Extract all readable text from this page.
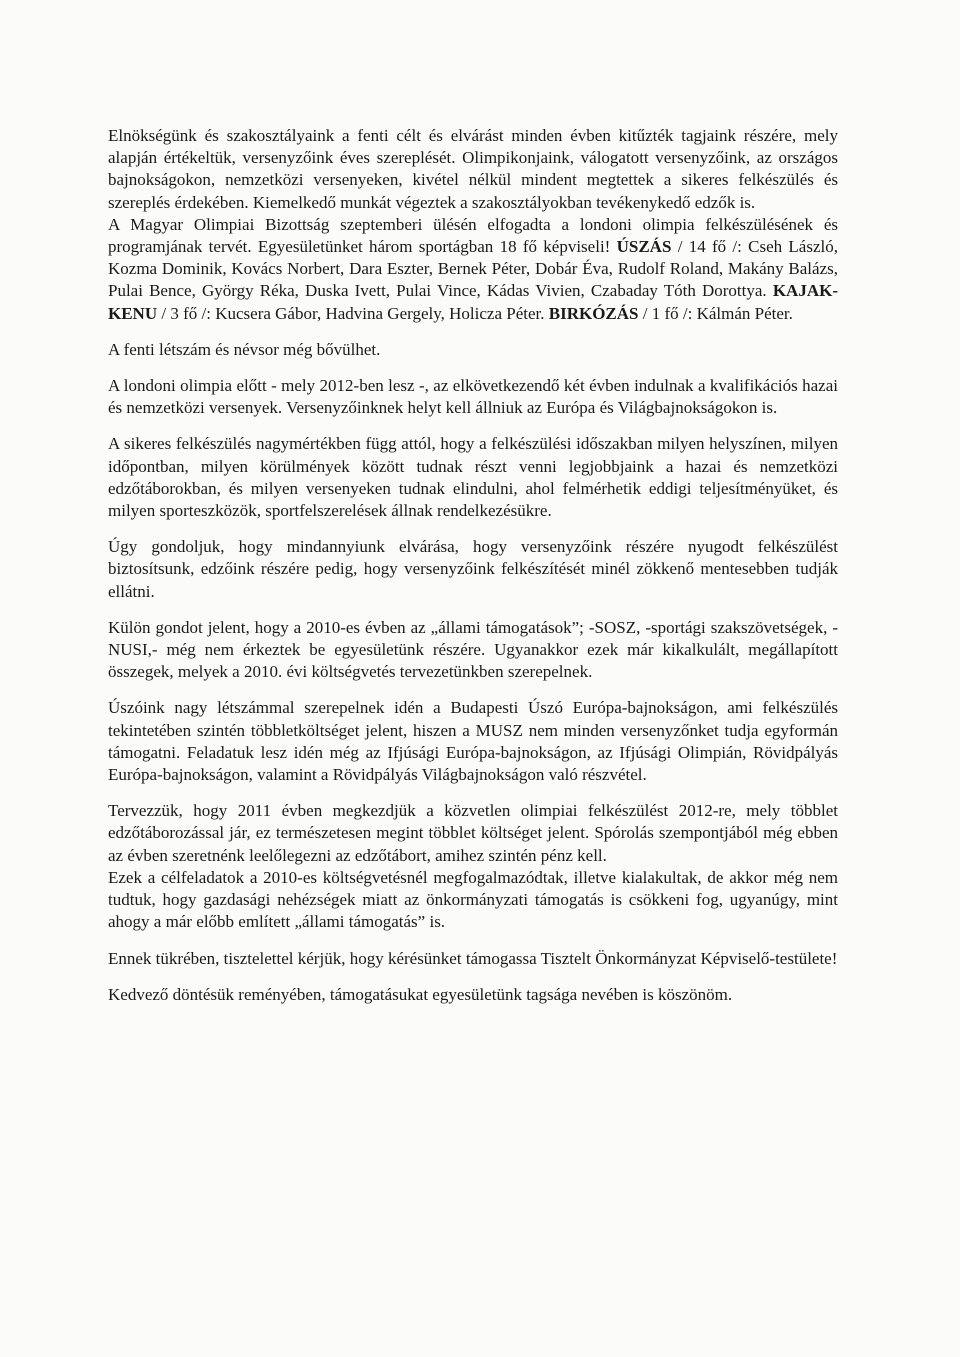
Elnökségünk és szakosztályaink a fenti célt és elvárást minden évben kitűzték tagjaink részére, mely alapján értékeltük, versenyzőink éves szereplését. Olimpikonjaink, válogatott versenyzőink, az országos bajnokságokon, nemzetközi versenyeken, kivétel nélkül mindent megtettek a sikeres felkészülés és szereplés érdekében. Kiemelkedő munkát végeztek a szakosztályokban tevékenykedő edzők is.

A Magyar Olimpiai Bizottság szeptemberi ülésén elfogadta a londoni olimpia felkészülésének és programjának tervét. Egyesületünket három sportágban 18 fő képviseli! ÚSZÁS / 14 fő /: Cseh László, Kozma Dominik, Kovács Norbert, Dara Eszter, Bernek Péter, Dobár Éva, Rudolf Roland, Makány Balázs, Pulai Bence, György Réka, Duska Ivett, Pulai Vince, Kádas Vivien, Czabaday Tóth Dorottya. KAJAK-KENU / 3 fő /: Kucsera Gábor, Hadvina Gergely, Holicza Péter. BIRKÓZÁS / 1 fő /: Kálmán Péter.

A fenti létszám és névsor még bővülhet.

A londoni olimpia előtt - mely 2012-ben lesz -, az elkövetkezendő két évben indulnak a kvalifikációs hazai és nemzetközi versenyek. Versenyzőinknek helyt kell állniuk az Európa és Világbajnokságokon is.

A sikeres felkészülés nagymértékben függ attól, hogy a felkészülési időszakban milyen helyszínen, milyen időpontban, milyen körülmények között tudnak részt venni legjobbjaink a hazai és nemzetközi edzőtáborokban, és milyen versenyeken tudnak elindulni, ahol felmérhetik eddigi teljesítményüket, és milyen sporteszközök, sportfelszerelések állnak rendelkezésükre.

Úgy gondoljuk, hogy mindannyiunk elvárása, hogy versenyzőink részére nyugodt felkészülést biztosítsunk, edzőink részére pedig, hogy versenyzőink felkészítését minél zökkenő mentesebben tudják ellátni.

Külön gondot jelent, hogy a 2010-es évben az „állami támogatások”; -SOSZ, -sportági szakszövetségek, -NUSI,- még nem érkeztek be egyesületünk részére. Ugyanakkor ezek már kikalkulált, megállapított összegek, melyek a 2010. évi költségvetés tervezetünkben szerepelnek.

Úszóink nagy létszámmal szerepelnek idén a Budapesti Úszó Európa-bajnokságon, ami felkészülés tekintetében szintén többletköltséget jelent, hiszen a MUSZ nem minden versenyzőnket tudja egyformán támogatni. Feladatuk lesz idén még az Ifjúsági Európa-bajnokságon, az Ifjúsági Olimpián, Rövidpályás Európa-bajnokságon, valamint a Rövidpályás Világbajnokságon való részvétel.

Tervezzük, hogy 2011 évben megkezdjük a közvetlen olimpiai felkészülést 2012-re, mely többlet edzőtáborozással jár, ez természetesen megint többlet költséget jelent. Spórolás szempontjából még ebben az évben szeretnénk leelőlegezni az edzőtábort, amihez szintén pénz kell.

Ezek a célfeladatok a 2010-es költségvetésnél megfogalmazódtak, illetve kialakultak, de akkor még nem tudtuk, hogy gazdasági nehézségek miatt az önkormányzati támogatás is csökkeni fog, ugyanúgy, mint ahogy a már előbb említett „állami támogatás” is.

Ennek tükrében, tisztelettel kérjük, hogy kérésünket támogassa Tisztelt Önkormányzat Képviselő-testülete!

Kedvező döntésük reményében, támogatásukat egyesületünk tagsága nevében is köszönöm.
